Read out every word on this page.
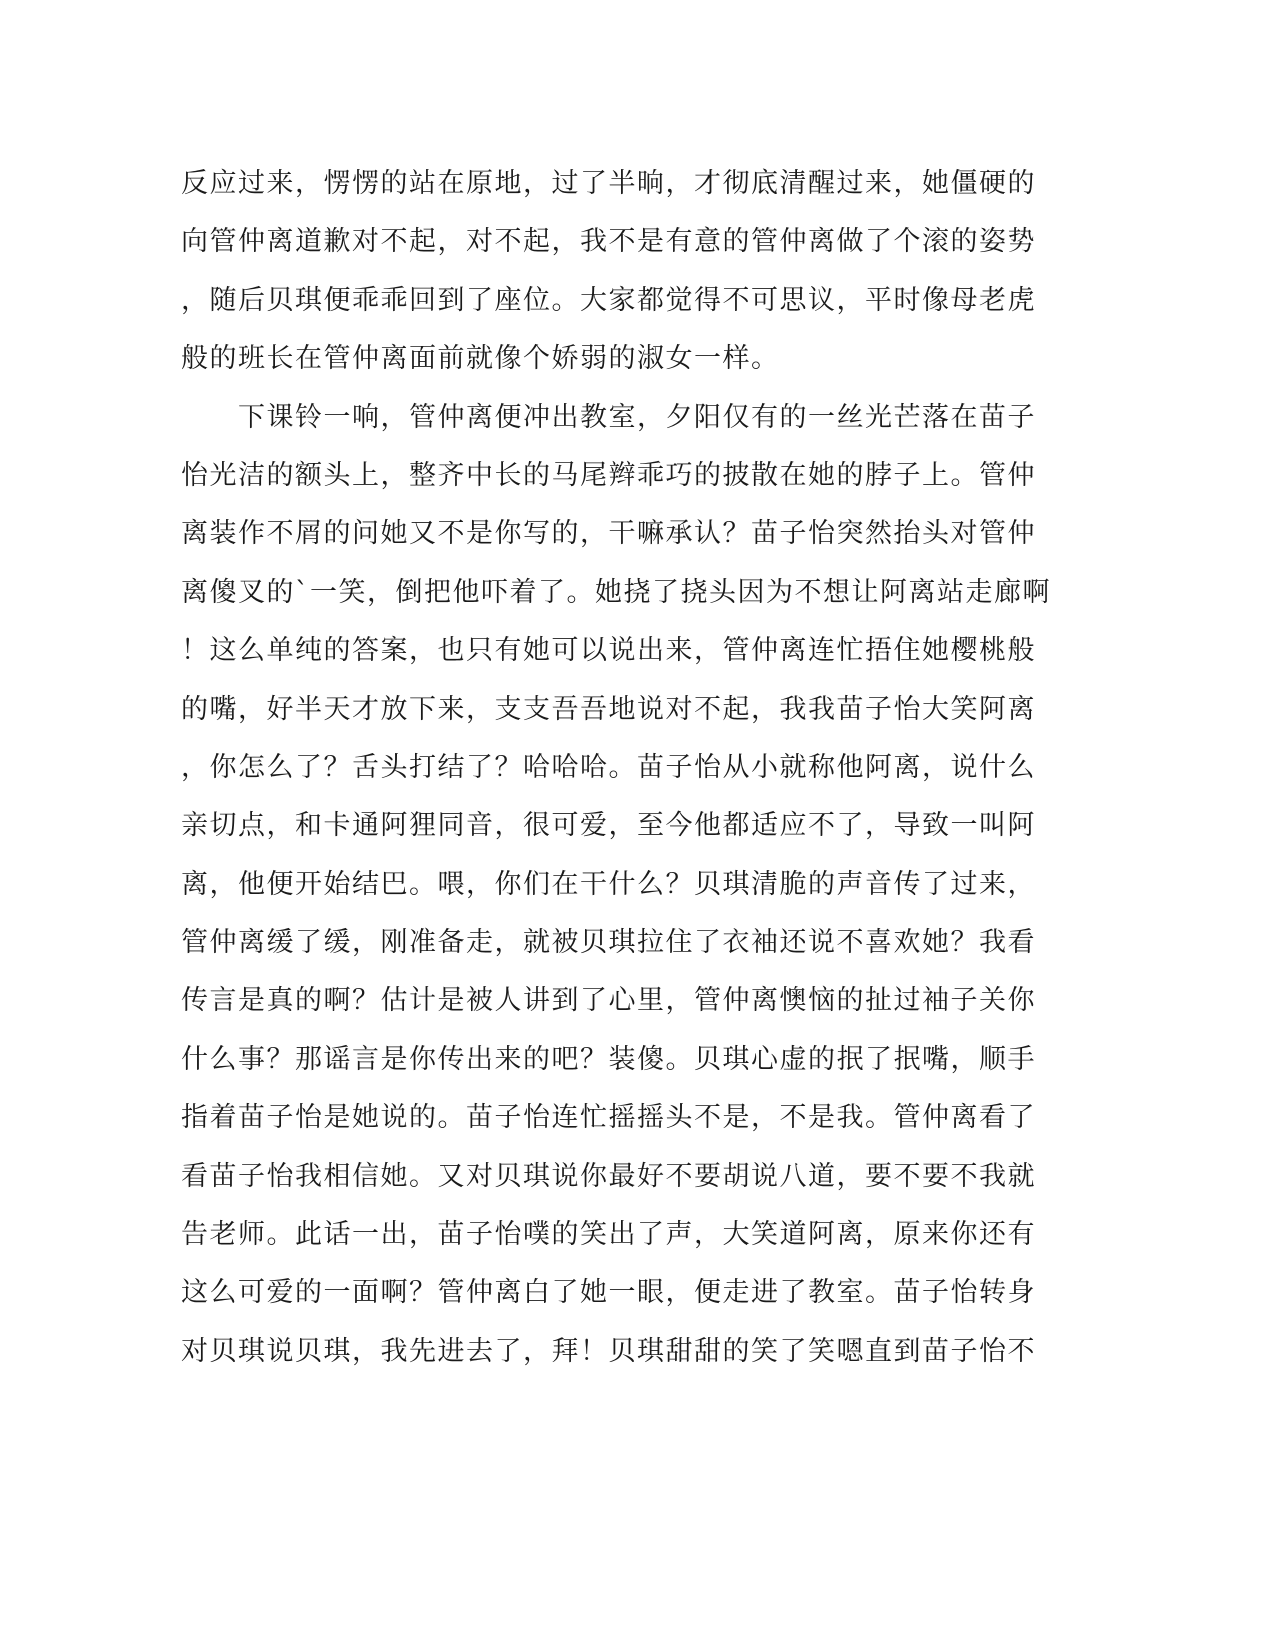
反应过来，愣愣的站在原地，过了半晌，才彻底清醒过来，她僵硬的
向管仲离道歉对不起，对不起，我不是有意的管仲离做了个滚的姿势
，随后贝琪便乖乖回到了座位。大家都觉得不可思议，平时像母老虎
般的班长在管仲离面前就像个娇弱的淑女一样。
　　下课铃一响，管仲离便冲出教室，夕阳仅有的一丝光芒落在苗子
怡光洁的额头上，整齐中长的马尾辫乖巧的披散在她的脖子上。管仲
离装作不屑的问她又不是你写的，干嘛承认？苗子怡突然抬头对管仲
离傻叉的`一笑，倒把他吓着了。她挠了挠头因为不想让阿离站走廊啊
！这么单纯的答案，也只有她可以说出来，管仲离连忙捂住她樱桃般
的嘴，好半天才放下来，支支吾吾地说对不起，我我苗子怡大笑阿离
，你怎么了？舌头打结了？哈哈哈。苗子怡从小就称他阿离，说什么
亲切点，和卡通阿狸同音，很可爱，至今他都适应不了，导致一叫阿
离，他便开始结巴。喂，你们在干什么？贝琪清脆的声音传了过来，
管仲离缓了缓，刚准备走，就被贝琪拉住了衣袖还说不喜欢她？我看
传言是真的啊？估计是被人讲到了心里，管仲离懊恼的扯过袖子关你
什么事？那谣言是你传出来的吧？装傻。贝琪心虚的抿了抿嘴，顺手
指着苗子怡是她说的。苗子怡连忙摇摇头不是，不是我。管仲离看了
看苗子怡我相信她。又对贝琪说你最好不要胡说八道，要不要不我就
告老师。此话一出，苗子怡噗的笑出了声，大笑道阿离，原来你还有
这么可爱的一面啊？管仲离白了她一眼，便走进了教室。苗子怡转身
对贝琪说贝琪，我先进去了，拜！贝琪甜甜的笑了笑嗯直到苗子怡不
